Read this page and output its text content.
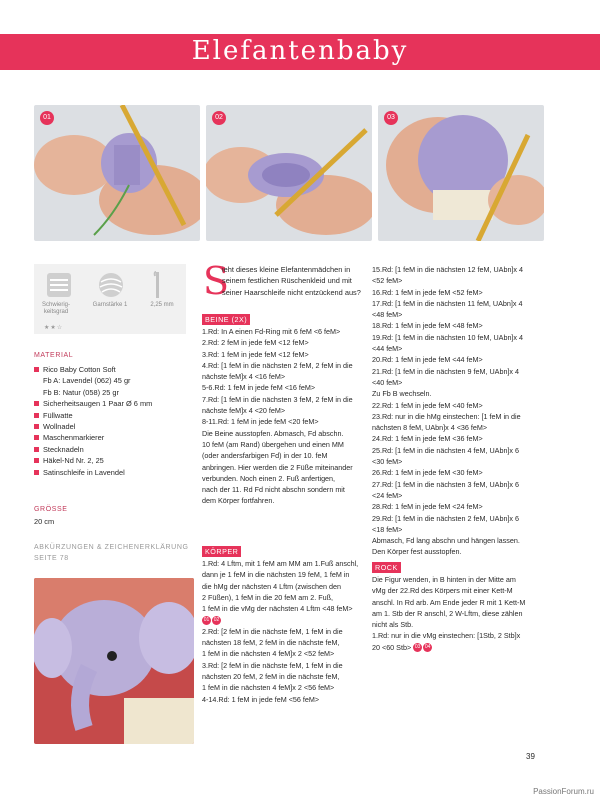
Elefantenbaby
01	02	03
Schwierig-
keitsgrad
★★☆
Garnstärke 1	2,25 mm
MATERIAL
Rico Baby Cotton Soft
Fb A: Lavendel (062) 45 gr
Fb B: Natur (058) 25 gr
Sicherheitsaugen 1 Paar Ø 6 mm
Füllwatte
Wollnadel
Maschenmarkierer
Stecknadeln
Häkel-Nd Nr. 2, 25
Satinschleife in Lavendel
GRÖSSE
20 cm
ABKÜRZUNGEN & ZEICHENERKLÄRUNG
SEITE 78
S
ieht dieses kleine Elefantenmädchen in seinem festlichen Rüschenkleid und mit seiner Haarschleife nicht entzückend aus?
BEINE (2X)
1.Rd: In A einen Fd-Ring mit 6 feM <6 feM>
2.Rd: 2 feM in jede feM <12 feM>
3.Rd: 1 feM in jede feM <12 feM>
4.Rd: [1 feM in die nächsten 2 feM, 2 feM in die
nächste feM]x 4 <16 feM>
5-6.Rd: 1 feM in jede feM <16 feM>
7.Rd: [1 feM in die nächsten 3 feM, 2 feM in die
nächste feM]x 4 <20 feM>
8-11.Rd: 1 feM in jede feM <20 feM>
Die Beine ausstopfen. Abmasch, Fd abschn.
10 feM (am Rand) übergehen und einen MM
(oder andersfarbigen Fd) in der 10. feM
anbringen. Hier werden die 2 Füße miteinander
verbunden. Noch einen 2. Fuß anfertigen,
nach der 11. Rd Fd nicht abschn sondern mit
dem Körper fortfahren.
KÖRPER
1.Rd: 4 Lftm, mit 1 feM am MM am 1.Fuß anschl,
dann je 1 feM in die nächsten 19 feM, 1 feM in
die hMg der nächsten 4 Lftm (zwischen den
2 Füßen), 1 feM in die 20 feM am 2. Fuß,
1 feM in die vMg der nächsten 4 Lftm <48 feM>
01 02
2.Rd: [2 feM in die nächste feM, 1 feM in die
nächsten 18 feM, 2 feM in die nächste feM,
1 feM in die nächsten 4 feM]x 2 <52 feM>
3.Rd: [2 feM in die nächste feM, 1 feM in die
nächsten 20 feM, 2 feM in die nächste feM,
1 feM in die nächsten 4 feM]x 2 <56 feM>
4-14.Rd: 1 feM in jede feM <56 feM>
15.Rd: [1 feM in die nächsten 12 feM, UAbn]x 4
<52 feM>
16.Rd: 1 feM in jede feM <52 feM>
17.Rd: [1 feM in die nächsten 11 feM, UAbn]x 4
<48 feM>
18.Rd: 1 feM in jede feM <48 feM>
19.Rd: [1 feM in die nächsten 10 feM, UAbn]x 4
<44 feM>
20.Rd: 1 feM in jede feM <44 feM>
21.Rd: [1 feM in die nächsten 9 feM, UAbn]x 4
<40 feM>
Zu Fb B wechseln.
22.Rd: 1 feM in jede feM <40 feM>
23.Rd: nur in die hMg einstechen: [1 feM in die
nächsten 8 feM, UAbn]x 4 <36 feM>
24.Rd: 1 feM in jede feM <36 feM>
25.Rd: [1 feM in die nächsten 4 feM, UAbn]x 6
<30 feM>
26.Rd: 1 feM in jede feM <30 feM>
27.Rd: [1 feM in die nächsten 3 feM, UAbn]x 6
<24 feM>
28.Rd: 1 feM in jede feM <24 feM>
29.Rd: [1 feM in die nächsten 2 feM, UAbn]x 6
<18 feM>
Abmasch, Fd lang abschn und hängen lassen.
Den Körper fest ausstopfen.
ROCK
Die Figur wenden, in B hinten in der Mitte am
vMg der 22.Rd des Körpers mit einer Kett-M
anschl. In Rd arb. Am Ende jeder R mit 1 Kett-M
am 1. Stb der R anschl, 2 W-Lftm, diese zählen
nicht als Stb.
1.Rd: nur in die vMg einstechen: [1Stb, 2 Stb]x
20 <60 Stb> 03 04
39
PassionForum.ru
